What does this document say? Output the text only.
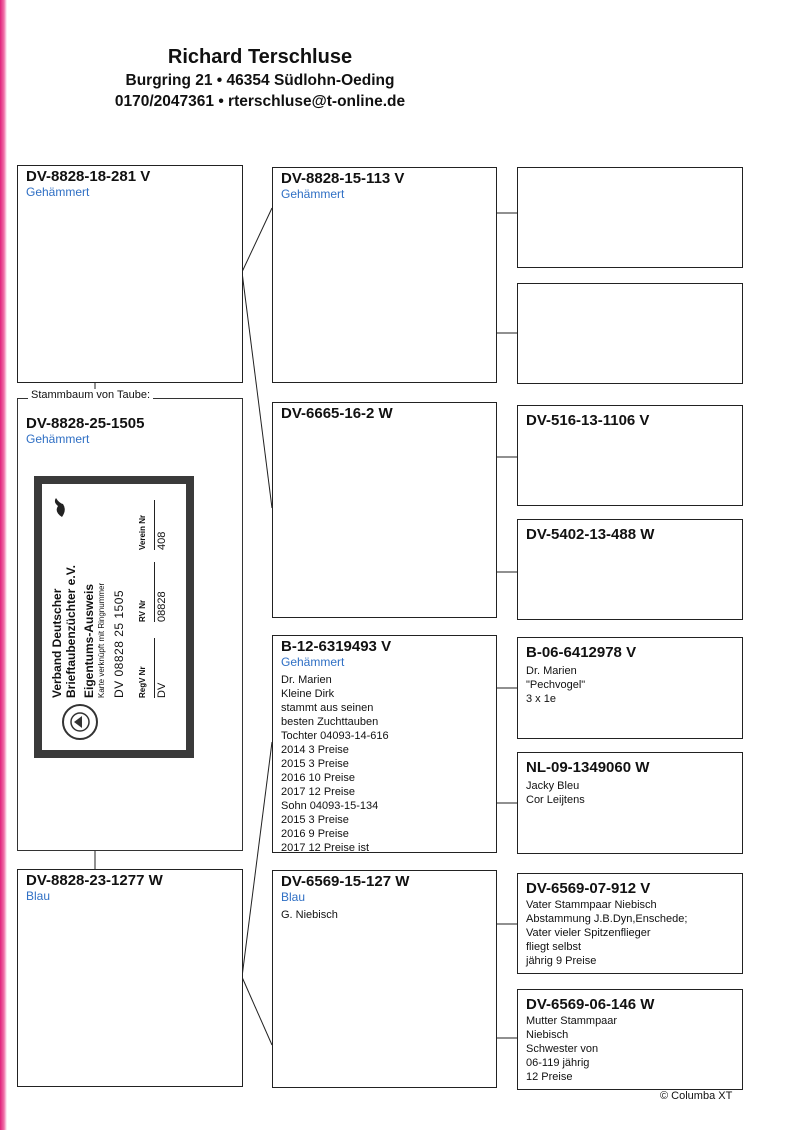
Richard Terschluse
Burgring 21 • 46354 Südlohn-Oeding
0170/2047361 • rterschluse@t-online.de
DV-8828-18-281 V
Gehämmert
DV-8828-25-1505
Gehämmert
Stammbaum von Taube:
Verband Deutscher Brieftaubenzüchter e.V. Eigentums-Ausweis Karte verknüpft mit Ringnummer DV 08828 25 1505 RegV Nr
RV Nr
Verein Nr
DV
08828
408
DV-8828-23-1277 W
Blau
DV-8828-15-113 V
Gehämmert
DV-6665-16-2 W
B-12-6319493 V
Gehämmert
Dr. Marien
Kleine Dirk
stammt aus seinen
besten Zuchttauben
Tochter 04093-14-616
2014 3 Preise
2015 3 Preise
2016 10 Preise
2017 12 Preise
Sohn 04093-15-134
2015 3 Preise
2016 9 Preise
2017 12 Preise ist
DV-6569-15-127 W
Blau
G. Niebisch
DV-516-13-1106 V
DV-5402-13-488 W
B-06-6412978 V
Dr. Marien
"Pechvogel"
3 x 1e
NL-09-1349060 W
Jacky Bleu
Cor Leijtens
DV-6569-07-912 V
Vater Stammpaar Niebisch
Abstammung J.B.Dyn,Enschede;
Vater vieler Spitzenflieger
fliegt selbst
jährig 9 Preise
DV-6569-06-146 W
Mutter Stammpaar
Niebisch
Schwester von
06-119 jährig
12 Preise
© Columba XT
